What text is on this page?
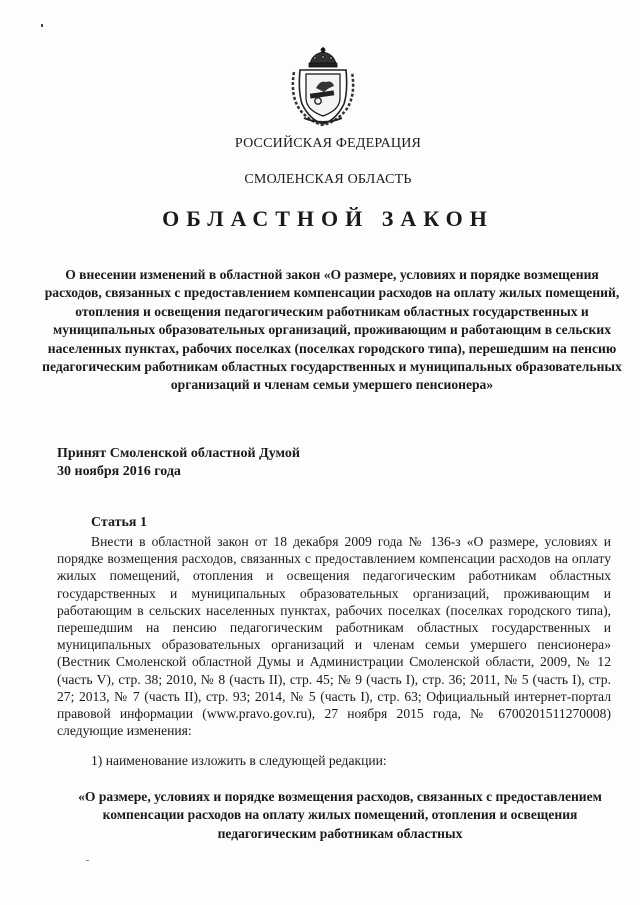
РОССИЙСКАЯ ФЕДЕРАЦИЯ
СМОЛЕНСКАЯ ОБЛАСТЬ
ОБЛАСТНОЙ ЗАКОН
О внесении изменений в областной закон «О размере, условиях и порядке возмещения расходов, связанных с предоставлением компенсации расходов на оплату жилых помещений, отопления и освещения педагогическим работникам областных государственных и муниципальных образовательных организаций, проживающим и работающим в сельских населенных пунктах, рабочих поселках (поселках городского типа), перешедшим на пенсию педагогическим работникам областных государственных и муниципальных образовательных организаций и членам семьи умершего пенсионера»
Принят Смоленской областной Думой
30 ноября 2016 года
Статья 1
Внести в областной закон от 18 декабря 2009 года № 136-з «О размере, условиях и порядке возмещения расходов, связанных с предоставлением компенсации расходов на оплату жилых помещений, отопления и освещения педагогическим работникам областных государственных и муниципальных образовательных организаций, проживающим и работающим в сельских населенных пунктах, рабочих поселках (поселках городского типа), перешедшим на пенсию педагогическим работникам областных государственных и муниципальных образовательных организаций и членам семьи умершего пенсионера» (Вестник Смоленской областной Думы и Администрации Смоленской области, 2009, № 12 (часть V), стр. 38; 2010, № 8 (часть II), стр. 45; № 9 (часть I), стр. 36; 2011, № 5 (часть I), стр. 27; 2013, № 7 (часть II), стр. 93; 2014, № 5 (часть I), стр. 63; Официальный интернет-портал правовой информации (www.pravo.gov.ru), 27 ноября 2015 года, № 6700201511270008) следующие изменения:
1) наименование изложить в следующей редакции:
«О размере, условиях и порядке возмещения расходов, связанных с предоставлением компенсации расходов на оплату жилых помещений, отопления и освещения педагогическим работникам областных
